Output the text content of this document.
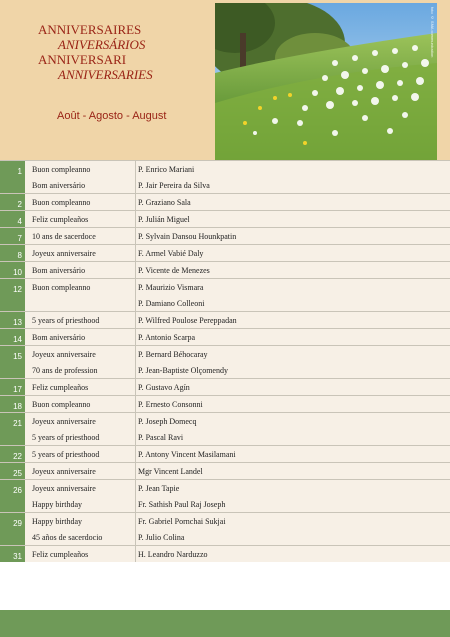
ANNIVERSAIRES
ANIVERSÁRIOS
ANNIVERSARI
ANNIVERSARIES
Août - Agosto - August
foto © SMA communication
1 Buon compleanno	P. Enrico Mariani
Bom aniversário	P. Jair Pereira da Silva
2 Buon compleanno	P. Graziano Sala
4 Feliz cumpleaños	P. Julián Miguel
7 10 ans de sacerdoce	P. Sylvain Dansou Hounkpatin
8 Joyeux anniversaire	F. Armel Vabié Daly
10 Bom aniversário	P. Vicente de Menezes
12 Buon compleanno	P. Maurizio Vismara
P. Damiano Colleoni
13 5 years of priesthood	P. Wilfred Poulose Pereppadan
14 Bom aniversário	P. Antonio Scarpa
15 Joyeux anniversaire	P. Bernard Béhocaray
70 ans de profession	P. Jean-Baptiste Olçomendy
17 Feliz cumpleaños	P. Gustavo Agín
18 Buon compleanno	P. Ernesto Consonni
21 Joyeux anniversaire	P. Joseph Domecq
5 years of priesthood	P. Pascal Ravi
22 5 years of priesthood	P. Antony Vincent Masilamani
25 Joyeux anniversaire	Mgr Vincent Landel
26 Joyeux anniversaire	P. Jean Tapie
Happy birthday	Fr. Sathish Paul Raj Joseph
29 Happy birthday	Fr. Gabriel Pornchai Sukjai
45 años de sacerdocio	P. Julio Colina
31 Feliz cumpleaños	H. Leandro Narduzzo
